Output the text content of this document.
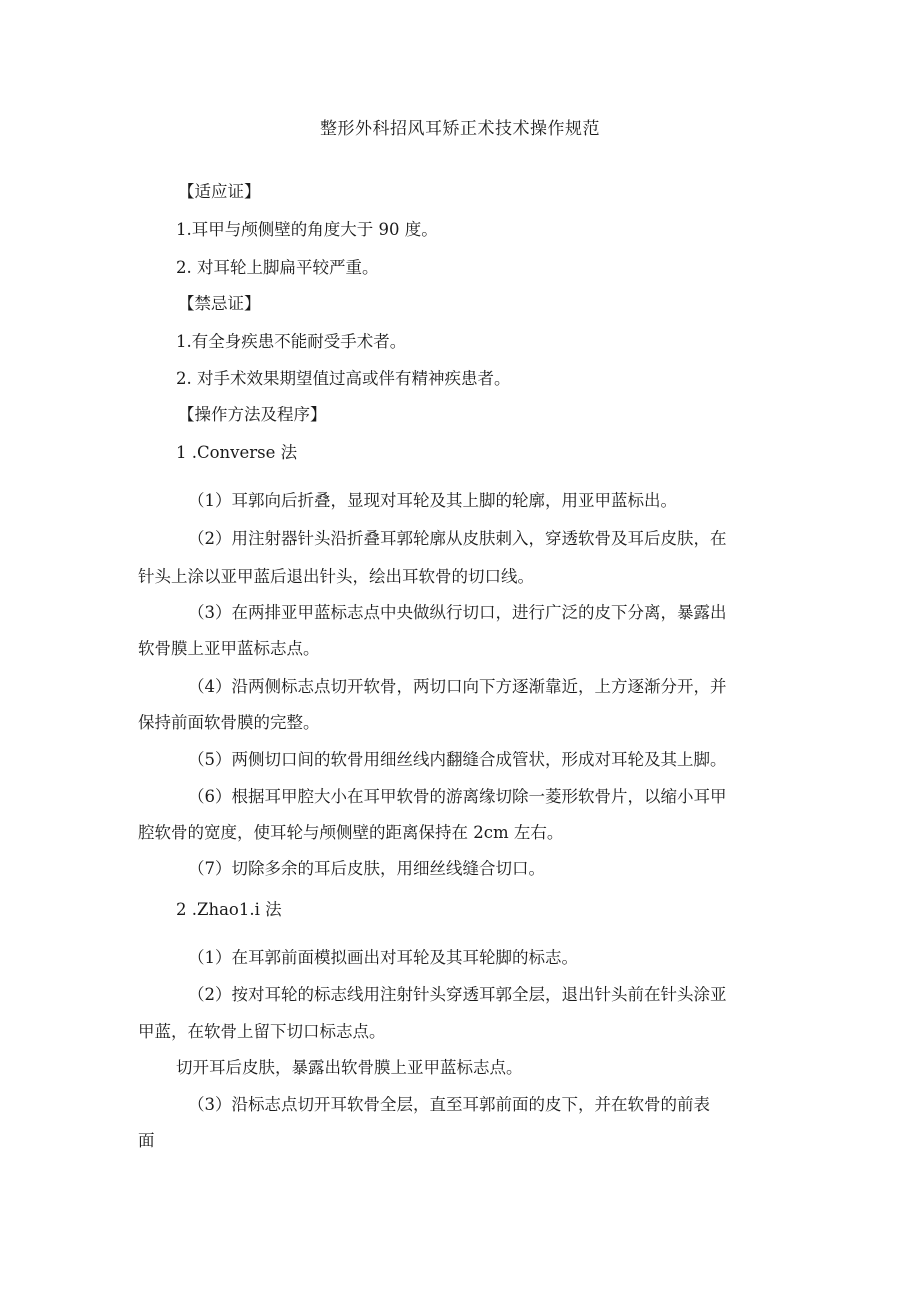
整形外科招风耳矫正术技术操作规范
【适应证】
1.耳甲与颅侧壁的角度大于 90 度。
2. 对耳轮上脚扁平较严重。
【禁忌证】
1.有全身疾患不能耐受手术者。
2. 对手术效果期望值过高或伴有精神疾患者。
【操作方法及程序】
1 .Converse 法
（1）耳郭向后折叠，显现对耳轮及其上脚的轮廓，用亚甲蓝标出。
（2）用注射器针头沿折叠耳郭轮廓从皮肤刺入，穿透软骨及耳后皮肤，在
针头上涂以亚甲蓝后退出针头，绘出耳软骨的切口线。
（3）在两排亚甲蓝标志点中央做纵行切口，进行广泛的皮下分离，暴露出
软骨膜上亚甲蓝标志点。
（4）沿两侧标志点切开软骨，两切口向下方逐渐靠近，上方逐渐分开，并
保持前面软骨膜的完整。
（5）两侧切口间的软骨用细丝线内翻缝合成管状，形成对耳轮及其上脚。
（6）根据耳甲腔大小在耳甲软骨的游离缘切除一菱形软骨片，以缩小耳甲
腔软骨的宽度，使耳轮与颅侧壁的距离保持在 2cm 左右。
（7）切除多余的耳后皮肤，用细丝线缝合切口。
2 .Zhao1.i 法
（1）在耳郭前面模拟画出对耳轮及其耳轮脚的标志。
（2）按对耳轮的标志线用注射针头穿透耳郭全层，退出针头前在针头涂亚
甲蓝，在软骨上留下切口标志点。
切开耳后皮肤，暴露出软骨膜上亚甲蓝标志点。
（3）沿标志点切开耳软骨全层，直至耳郭前面的皮下，并在软骨的前表
面
